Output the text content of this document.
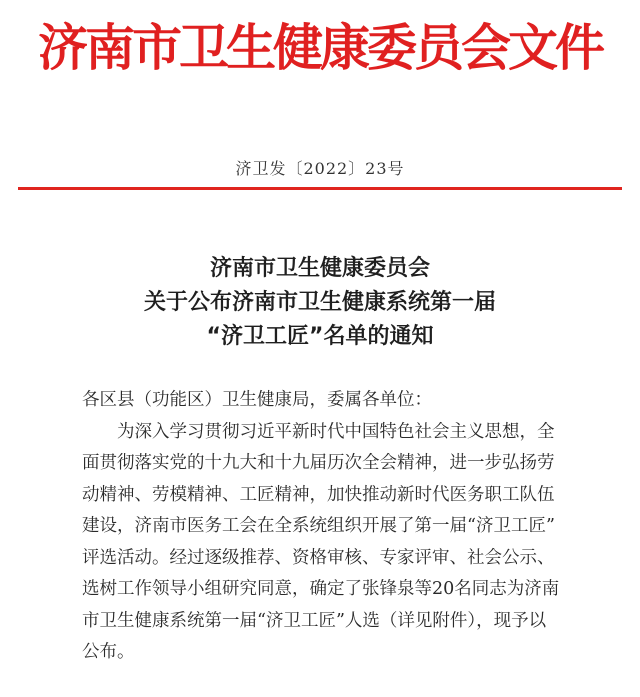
济南市卫生健康委员会文件
济卫发〔2022〕23号
济南市卫生健康委员会
关于公布济南市卫生健康系统第一届
“济卫工匠”名单的通知

各区县（功能区）卫生健康局，委属各单位：

为深入学习贯彻习近平新时代中国特色社会主义思想，全

面贯彻落实党的十九大和十九届历次全会精神，进一步弘扬劳

动精神、劳模精神、工匠精神，加快推动新时代医务职工队伍

建设，济南市医务工会在全系统组织开展了第一届“济卫工匠”

评选活动。经过逐级推荐、资格审核、专家评审、社会公示、

选树工作领导小组研究同意，确定了张锋泉等20名同志为济南

市卫生健康系统第一届“济卫工匠”人选（详见附件），现予以

公布。
